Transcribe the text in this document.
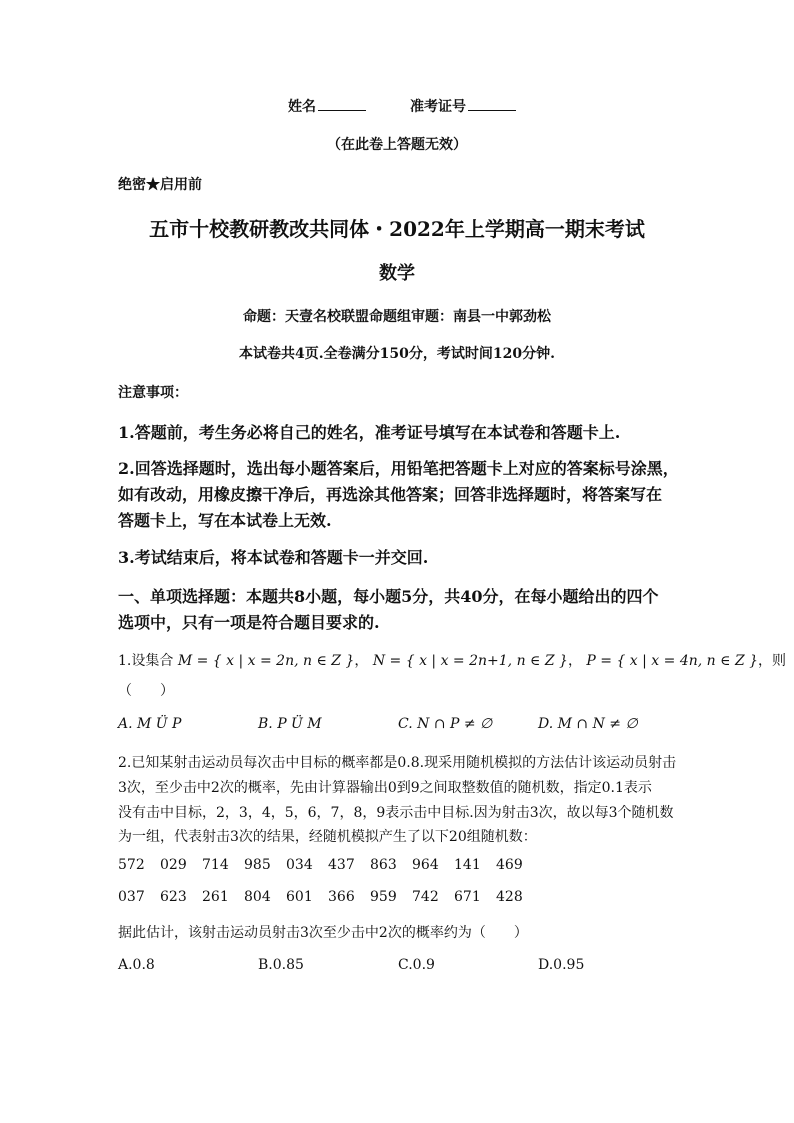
姓名	准考证号
（在此卷上答题无效）
绝密★启用前
五市十校教研教改共同体・2022年上学期高一期末考试
数学
命题：天壹名校联盟命题组审题：南县一中郭劲松
本试卷共4页.全卷满分150分，考试时间120分钟.
注意事项：
1.答题前，考生务必将自己的姓名，准考证号填写在本试卷和答题卡上.
2.回答选择题时，选出每小题答案后，用铅笔把答题卡上对应的答案标号涂黑，
如有改动，用橡皮擦干净后，再选涂其他答案；回答非选择题时，将答案写在
答题卡上，写在本试卷上无效.
3.考试结束后，将本试卷和答题卡一并交回.
一、单项选择题：本题共8小题，每小题5分，共40分，在每小题给出的四个
选项中，只有一项是符合题目要求的.
1.设集合 M = { x | x = 2n, n ∈ Z }， N = { x | x = 2n+1, n ∈ Z }， P = { x | x = 4n, n ∈ Z }，则
（　　）
A. M Ü P	B. P Ü M	C. N ∩ P ≠ ∅	D. M ∩ N ≠ ∅
2.已知某射击运动员每次击中目标的概率都是0.8.现采用随机模拟的方法估计该运动员射击
3次，至少击中2次的概率，先由计算器输出0到9之间取整数值的随机数，指定0.1表示
没有击中目标，2，3，4，5，6，7，8，9表示击中目标.因为射击3次，故以每3个随机数
为一组，代表射击3次的结果，经随机模拟产生了以下20组随机数：
572 029 714 985 034 437 863 964 141 469
037 623 261 804 601 366 959 742 671 428
据此估计，该射击运动员射击3次至少击中2次的概率约为（　　）
A.0.8	B.0.85	C.0.9	D.0.95
